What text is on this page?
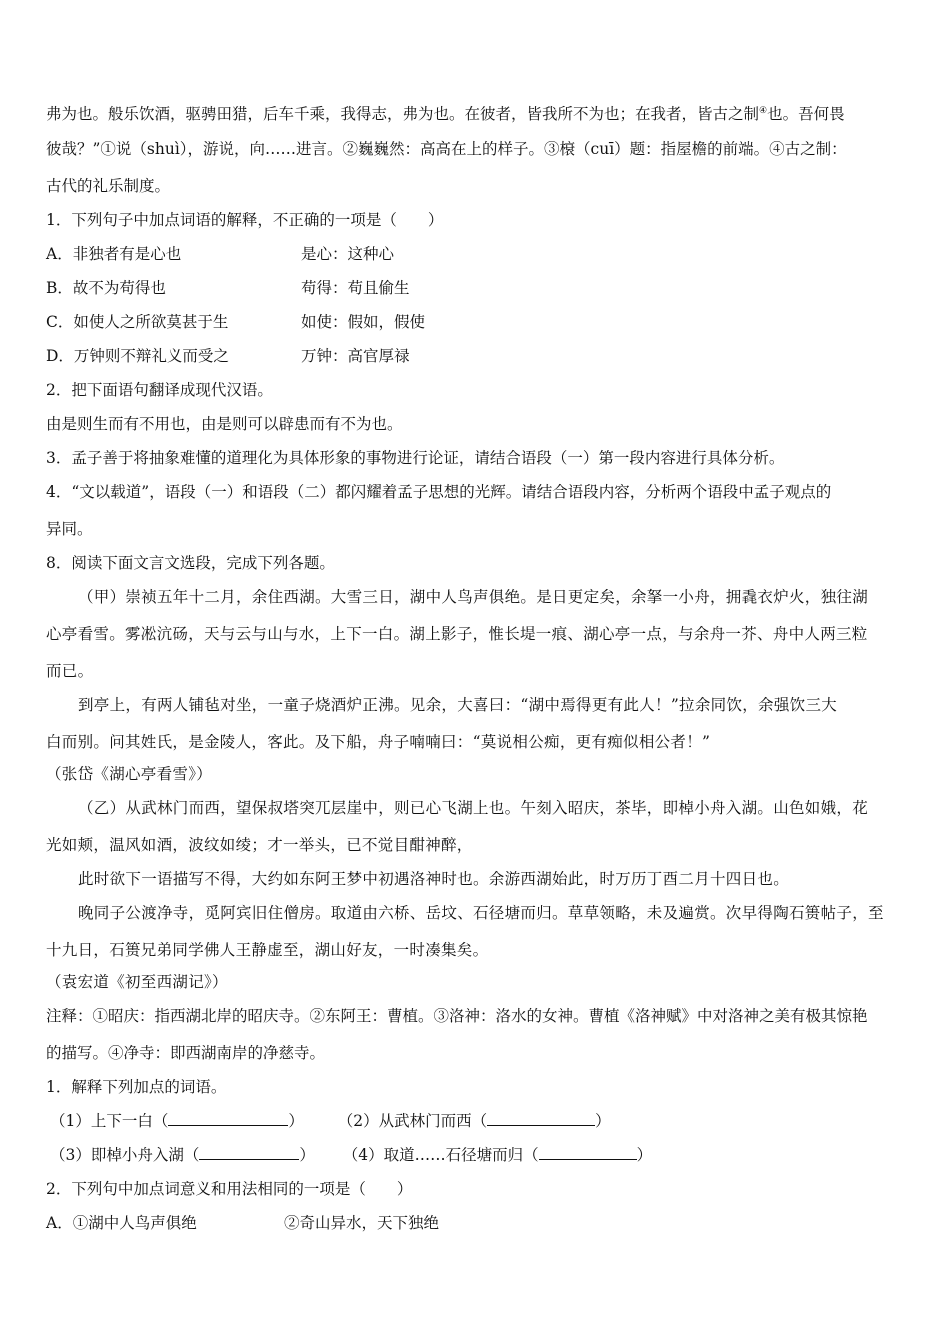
弗为也。般乐饮酒，驱骋田猎，后车千乘，我得志，弗为也。在彼者，皆我所不为也；在我者，皆古之制④也。吾何畏
彼哉？”①说（shuì），游说，向……进言。②巍巍然：高高在上的样子。③榱（cuī）题：指屋檐的前端。④古之制：
古代的礼乐制度。
1．下列句子中加点词语的解释，不正确的一项是（　　）
A．非独者有是心也	是心：这种心
B．故不为苟得也	苟得：苟且偷生
C．如使人之所欲莫甚于生	如使：假如，假使
D．万钟则不辩礼义而受之	万钟：高官厚禄
2．把下面语句翻译成现代汉语。
由是则生而有不用也，由是则可以辟患而有不为也。
3．孟子善于将抽象难懂的道理化为具体形象的事物进行论证，请结合语段（一）第一段内容进行具体分析。
4．“文以载道”，语段（一）和语段（二）都闪耀着孟子思想的光辉。请结合语段内容，分析两个语段中孟子观点的
异同。
8．阅读下面文言文选段，完成下列各题。
（甲）崇祯五年十二月，余住西湖。大雪三日，湖中人鸟声俱绝。是日更定矣，余拏一小舟，拥毳衣炉火，独往湖
心亭看雪。雾凇沆砀，天与云与山与水，上下一白。湖上影子，惟长堤一痕、湖心亭一点，与余舟一芥、舟中人两三粒
而已。
到亭上，有两人铺毡对坐，一童子烧酒炉正沸。见余，大喜曰：“湖中焉得更有此人！”拉余同饮，余强饮三大
白而别。问其姓氏，是金陵人，客此。及下船，舟子喃喃曰：“莫说相公痴，更有痴似相公者！”
（张岱《湖心亭看雪》）
（乙）从武林门而西，望保叔塔突兀层崖中，则已心飞湖上也。午刻入昭庆，茶毕，即棹小舟入湖。山色如娥，花
光如颊，温风如酒，波纹如绫；才一举头，已不觉目酣神醉，
此时欲下一语描写不得，大约如东阿王梦中初遇洛神时也。余游西湖始此，时万历丁酉二月十四日也。
晚同子公渡净寺，觅阿宾旧住僧房。取道由六桥、岳坟、石径塘而归。草草领略，未及遍赏。次早得陶石篑帖子，至
十九日，石篑兄弟同学佛人王静虚至，湖山好友，一时凑集矣。
（袁宏道《初至西湖记》）
注释：①昭庆：指西湖北岸的昭庆寺。②东阿王：曹植。③洛神：洛水的女神。曹植《洛神赋》中对洛神之美有极其惊艳
的描写。④净寺：即西湖南岸的净慈寺。
1．解释下列加点的词语。
（1）上下一白（	） （2）从武林门而西（	）
（3）即棹小舟入湖（	） （4）取道……石径塘而归（	）
2．下列句中加点词意义和用法相同的一项是（　　）
A．①湖中人鸟声俱绝	②奇山异水，天下独绝
